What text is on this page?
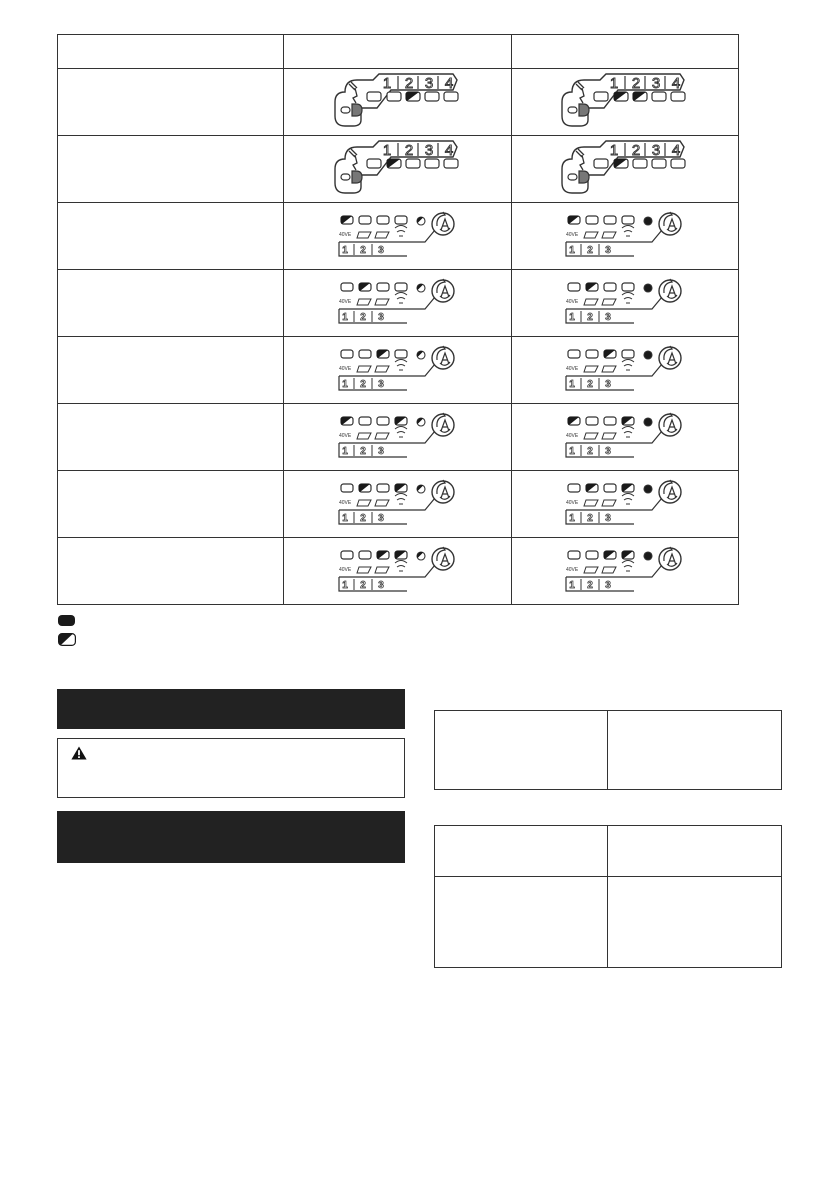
1 2 3 4	1 2 3 4

1 2 3 4	1 2 3 4

40VE
1 2 3	40VE
1 2 3

40VE
1 2 3	40VE
1 2 3

40VE
1 2 3	40VE
1 2 3

40VE
1 2 3	40VE
1 2 3

40VE
1 2 3	40VE
1 2 3

40VE
1 2 3	40VE
1 2 3
